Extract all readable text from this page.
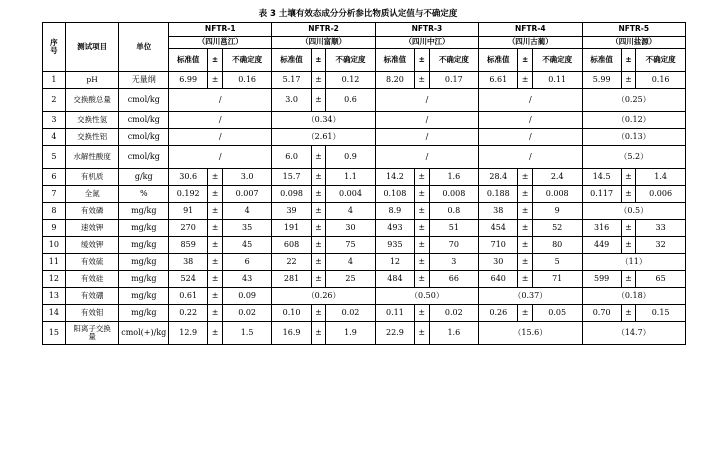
表 3 土壤有效态成分分析参比物质认定值与不确定度
序号	测试项目	单位	NFTR-1			NFTR-2			NFTR-3			NFTR-4			NFTR-5		
			（四川邕江）			（四川富顺）			（四川中江）			（四川古蔺）			（四川盐源）		
			标准值	±	不确定度	标准值	±	不确定度	标准值	±	不确定度	标准值	±	不确定度	标准值	±	不确定度
1	pH	无量纲	6.99	±	0.16	5.17	±	0.12	8.20	±	0.17	6.61	±	0.11	5.99	±	0.16
2	交换酸总量	cmol/kg	/			3.0	±	0.6	/			/			（0.25）		
3	交换性氢	cmol/kg	/			（0.34）			/			/			（0.12）		
4	交换性铝	cmol/kg	/			（2.61）			/			/			（0.13）		
5	水解性酸度	cmol/kg	/			6.0	±	0.9	/			/			（5.2）		
6	有机质	g/kg	30.6	±	3.0	15.7	±	1.1	14.2	±	1.6	28.4	±	2.4	14.5	±	1.4
7	全氮	%	0.192	±	0.007	0.098	±	0.004	0.108	±	0.008	0.188	±	0.008	0.117	±	0.006
8	有效磷	mg/kg	91	±	4	39	±	4	8.9	±	0.8	38	±	9	（0.5）		
9	速效钾	mg/kg	270	±	35	191	±	30	493	±	51	454	±	52	316	±	33
10	缓效钾	mg/kg	859	±	45	608	±	75	935	±	70	710	±	80	449	±	32
11	有效硫	mg/kg	38	±	6	22	±	4	12	±	3	30	±	5	（11）		
12	有效硅	mg/kg	524	±	43	281	±	25	484	±	66	640	±	71	599	±	65
13	有效硼	mg/kg	0.61	±	0.09	（0.26）			（0.50）			（0.37）			（0.18）		
14	有效钼	mg/kg	0.22	±	0.02	0.10	±	0.02	0.11	±	0.02	0.26	±	0.05	0.70	±	0.15
15	阳离子交换量	cmol(+)/kg	12.9	±	1.5	16.9	±	1.9	22.9	±	1.6	（15.6）			（14.7）		
